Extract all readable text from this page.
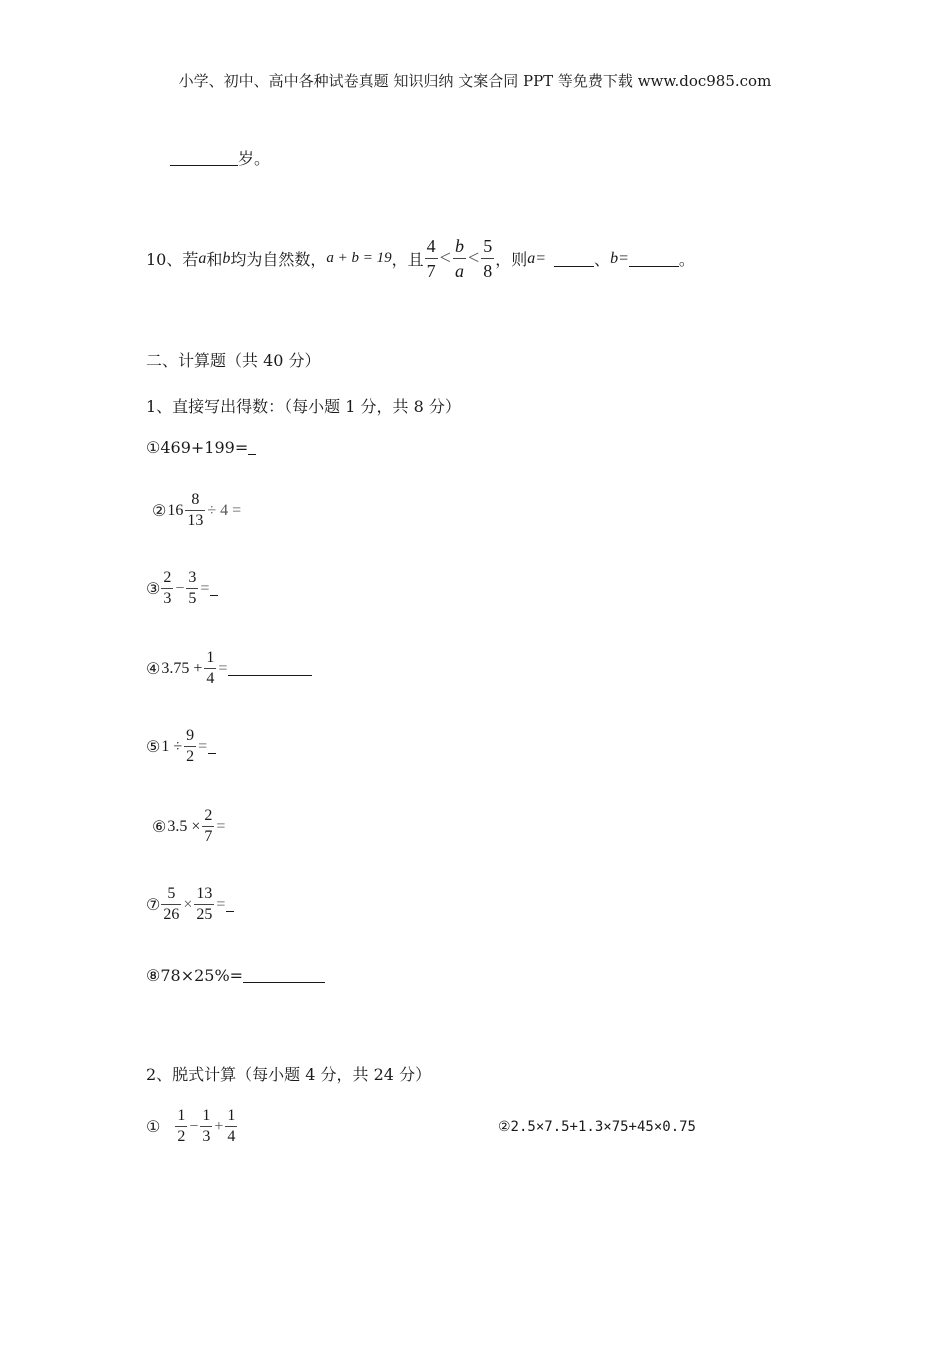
小学、初中、高中各种试卷真题 知识归纳 文案合同 PPT 等免费下载 www.doc985.com
岁。
10、若 a 和 b 均为自然数， a + b = 19 ，且 $\frac{4}{7} < \frac{b}{a} < \frac{5}{8}$ ，则 a=	、 b=	。
二、计算题（共 40 分）
1、直接写出得数：（每小题 1 分，共 8 分）
① 469+199=
② $16 \frac{8}{13} \div 4$ =
③ $\frac{2}{3} - \frac{3}{5}$ =
④ $3.75 + \frac{1}{4}$ =
⑤ $1 \div \frac{9}{2}$ =
⑥ $3.5 \times \frac{2}{7}$ =
⑦ $\frac{5}{26} \times \frac{13}{25}$ =
⑧ 78×25%=
2、脱式计算（每小题 4 分，共 24 分）
① $\frac{1}{2} - \frac{1}{3} + \frac{1}{4}$	②2.5×7.5+1.3×75+45×0.75
